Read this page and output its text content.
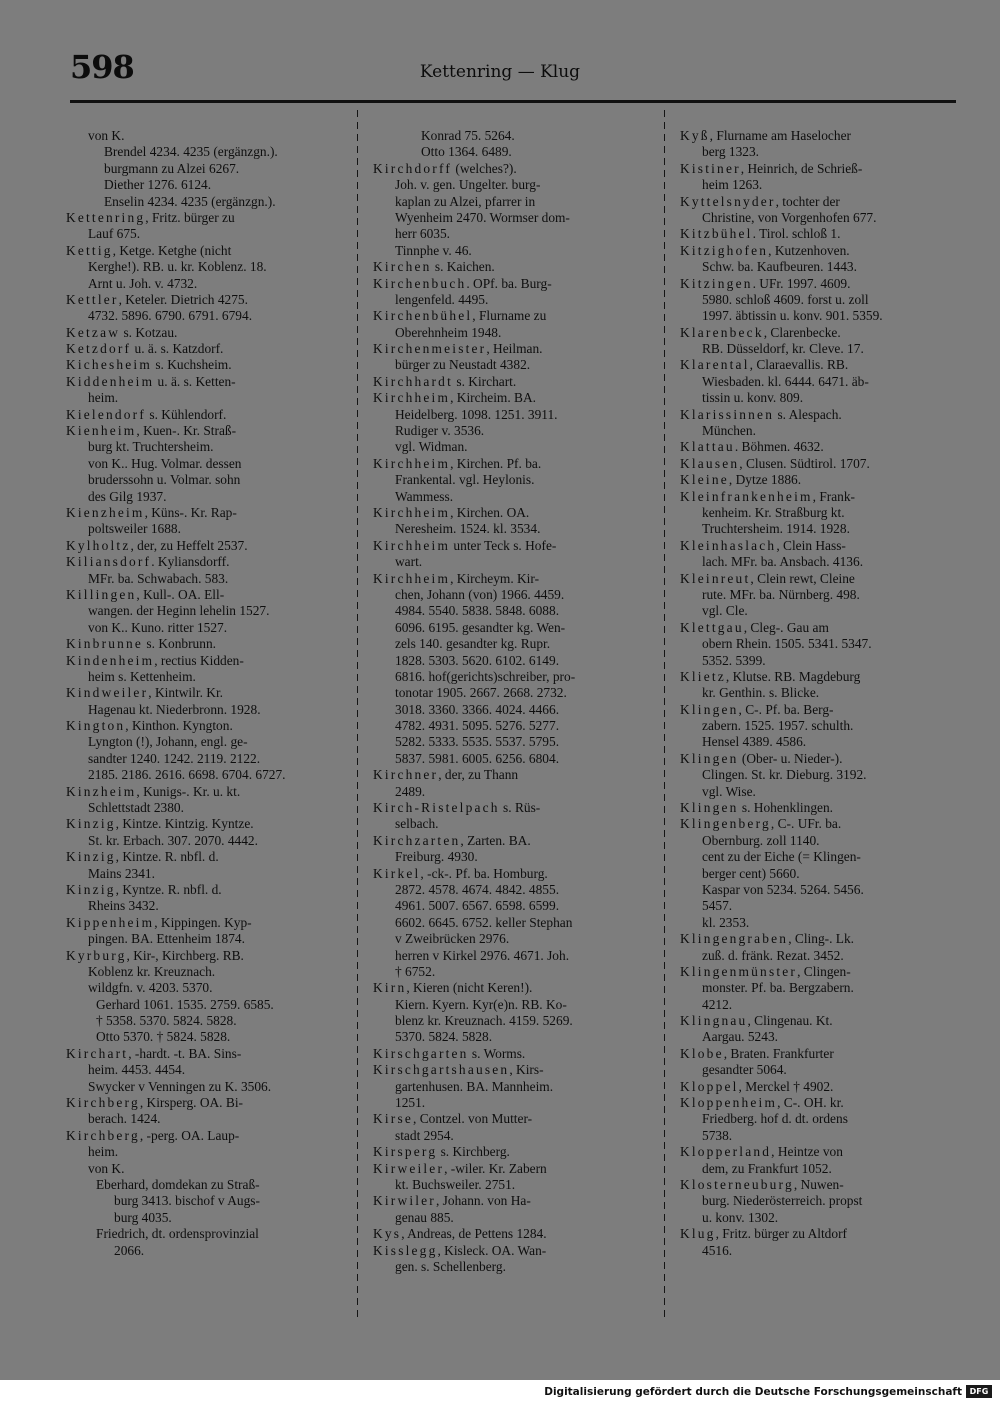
598	Kettenring — Klug
von K.
Brendel 4234. 4235 (ergänzgn.).
burgmann zu Alzei 6267.
Diether 1276. 6124.
Enselin 4234. 4235 (ergänzgn.).
Kettenring, Fritz. bürger zu
Lauf 675.
Kettig, Ketge. Ketghe (nicht
Kerghe!). RB. u. kr. Koblenz. 18.
Arnt u. Joh. v. 4732.
Kettler, Keteler. Dietrich 4275.
4732. 5896. 6790. 6791. 6794.
Ketzaw s. Kotzau.
Ketzdorf u. ä. s. Katzdorf.
Kichesheim s. Kuchsheim.
Kiddenheim u. ä. s. Ketten-
heim.
Kielendorf s. Kühlendorf.
Kienheim, Kuen-. Kr. Straß-
burg kt. Truchtersheim.
von K.. Hug. Volmar. dessen
bruderssohn u. Volmar. sohn
des Gilg 1937.
Kienzheim, Küns-. Kr. Rap-
poltsweiler 1688.
Kylholtz, der, zu Heffelt 2537.
Kiliansdorf. Kyliansdorff.
MFr. ba. Schwabach. 583.
Killingen, Kull-. OA. Ell-
wangen. der Heginn lehelin 1527.
von K.. Kuno. ritter 1527.
Kinbrunne s. Konbrunn.
Kindenheim, rectius Kidden-
heim s. Kettenheim.
Kindweiler, Kintwilr. Kr.
Hagenau kt. Niederbronn. 1928.
Kington, Kinthon. Kyngton.
Lyngton (!), Johann, engl. ge-
sandter 1240. 1242. 2119. 2122.
2185. 2186. 2616. 6698. 6704. 6727.
Kinzheim, Kunigs-. Kr. u. kt.
Schlettstadt 2380.
Kinzig, Kintze. Kintzig. Kyntze.
St. kr. Erbach. 307. 2070. 4442.
Kinzig, Kintze. R. nbfl. d.
Mains 2341.
Kinzig, Kyntze. R. nbfl. d.
Rheins 3432.
Kippenheim, Kippingen. Kyp-
pingen. BA. Ettenheim 1874.
Kyrburg, Kir-, Kirchberg. RB.
Koblenz kr. Kreuznach.
wildgfn. v. 4203. 5370.
Gerhard 1061. 1535. 2759. 6585.
† 5358. 5370. 5824. 5828.
Otto 5370. † 5824. 5828.
Kirchart, -hardt. -t. BA. Sins-
heim. 4453. 4454.
Swycker v Venningen zu K. 3506.
Kirchberg, Kirsperg. OA. Bi-
berach. 1424.
Kirchberg, -perg. OA. Laup-
heim.
von K.
Eberhard, domdekan zu Straß-
burg 3413. bischof v Augs-
burg 4035.
Friedrich, dt. ordensprovinzial
2066.
Konrad 75. 5264.
Otto 1364. 6489.
Kirchdorff (welches?).
Joh. v. gen. Ungelter. burg-
kaplan zu Alzei, pfarrer in
Wyenheim 2470. Wormser dom-
herr 6035.
Tinnphe v. 46.
Kirchen s. Kaichen.
Kirchenbuch. OPf. ba. Burg-
lengenfeld. 4495.
Kirchenbühel, Flurname zu
Oberehnheim 1948.
Kirchenmeister, Heilman.
bürger zu Neustadt 4382.
Kirchhardt s. Kirchart.
Kirchheim, Kircheim. BA.
Heidelberg. 1098. 1251. 3911.
Rudiger v. 3536.
vgl. Widman.
Kirchheim, Kirchen. Pf. ba.
Frankental. vgl. Heylonis.
Wammess.
Kirchheim, Kirchen. OA.
Neresheim. 1524. kl. 3534.
Kirchheim unter Teck s. Hofe-
wart.
Kirchheim, Kircheym. Kir-
chen, Johann (von) 1966. 4459.
4984. 5540. 5838. 5848. 6088.
6096. 6195. gesandter kg. Wen-
zels 140. gesandter kg. Rupr.
1828. 5303. 5620. 6102. 6149.
6816. hof(gerichts)schreiber, pro-
tonotar 1905. 2667. 2668. 2732.
3018. 3360. 3366. 4024. 4466.
4782. 4931. 5095. 5276. 5277.
5282. 5333. 5535. 5537. 5795.
5837. 5981. 6005. 6256. 6804.
Kirchner, der, zu Thann
2489.
Kirch-Ristelpach s. Rüs-
selbach.
Kirchzarten, Zarten. BA.
Freiburg. 4930.
Kirkel, -ck-. Pf. ba. Homburg.
2872. 4578. 4674. 4842. 4855.
4961. 5007. 6567. 6598. 6599.
6602. 6645. 6752. keller Stephan
v Zweibrücken 2976.
herren v Kirkel 2976. 4671. Joh.
† 6752.
Kirn, Kieren (nicht Keren!).
Kiern. Kyern. Kyr(e)n. RB. Ko-
blenz kr. Kreuznach. 4159. 5269.
5370. 5824. 5828.
Kirschgarten s. Worms.
Kirschgartshausen, Kirs-
gartenhusen. BA. Mannheim.
1251.
Kirse, Contzel. von Mutter-
stadt 2954.
Kirsperg s. Kirchberg.
Kirweiler, -wiler. Kr. Zabern
kt. Buchsweiler. 2751.
Kirwiler, Johann. von Ha-
genau 885.
Kys, Andreas, de Pettens 1284.
Kisslegg, Kisleck. OA. Wan-
gen. s. Schellenberg.
Kyß, Flurname am Haselocher
berg 1323.
Kistiner, Heinrich, de Schrieß-
heim 1263.
Kyttelsnyder, tochter der
Christine, von Vorgenhofen 677.
Kitzbühel. Tirol. schloß 1.
Kitzighofen, Kutzenhoven.
Schw. ba. Kaufbeuren. 1443.
Kitzingen. UFr. 1997. 4609.
5980. schloß 4609. forst u. zoll
1997. äbtissin u. konv. 901. 5359.
Klarenbeck, Clarenbecke.
RB. Düsseldorf, kr. Cleve. 17.
Klarental, Claraevallis. RB.
Wiesbaden. kl. 6444. 6471. äb-
tissin u. konv. 809.
Klarissinnen s. Alespach.
München.
Klattau. Böhmen. 4632.
Klausen, Clusen. Südtirol. 1707.
Kleine, Dytze 1886.
Kleinfrankenheim, Frank-
kenheim. Kr. Straßburg kt.
Truchtersheim. 1914. 1928.
Kleinhaslach, Clein Hass-
lach. MFr. ba. Ansbach. 4136.
Kleinreut, Clein rewt, Cleine
rute. MFr. ba. Nürnberg. 498.
vgl. Cle.
Klettgau, Cleg-. Gau am
obern Rhein. 1505. 5341. 5347.
5352. 5399.
Klietz, Klutse. RB. Magdeburg
kr. Genthin. s. Blicke.
Klingen, C-. Pf. ba. Berg-
zabern. 1525. 1957. schulth.
Hensel 4389. 4586.
Klingen (Ober- u. Nieder-).
Clingen. St. kr. Dieburg. 3192.
vgl. Wise.
Klingen s. Hohenklingen.
Klingenberg, C-. UFr. ba.
Obernburg. zoll 1140.
cent zu der Eiche (= Klingen-
berger cent) 5660.
Kaspar von 5234. 5264. 5456.
5457.
kl. 2353.
Klingengraben, Cling-. Lk.
zuß. d. fränk. Rezat. 3452.
Klingenmünster, Clingen-
monster. Pf. ba. Bergzabern.
4212.
Klingnau, Clingenau. Kt.
Aargau. 5243.
Klobe, Braten. Frankfurter
gesandter 5064.
Kloppel, Merckel † 4902.
Kloppenheim, C-. OH. kr.
Friedberg. hof d. dt. ordens
5738.
Klopperland, Heintze von
dem, zu Frankfurt 1052.
Klosterneuburg, Nuwen-
burg. Niederösterreich. propst
u. konv. 1302.
Klug, Fritz. bürger zu Altdorf
4516.
Digitalisierung gefördert durch die Deutsche Forschungsgemeinschaft DFG
